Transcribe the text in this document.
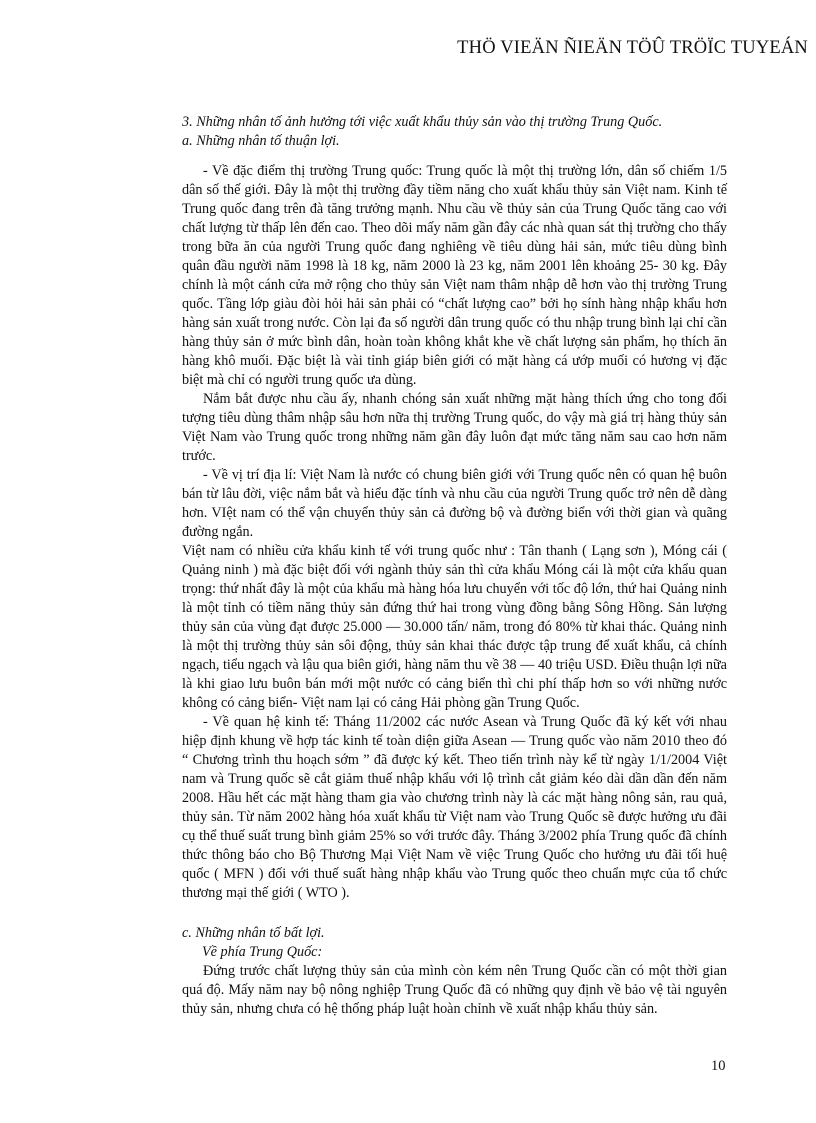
THÖ VIEÄN ÑIEÄN TÖÛ TRÖÏC TUYEÁN

3. Những nhân tố ảnh hưởng tới việc xuất khẩu thủy sản vào thị trường Trung Quốc.

a. Những nhân tố thuận lợi.

- Về đặc điểm thị trường Trung quốc: Trung quốc là một thị trường lớn, dân số chiếm 1/5 dân số thế giới. Đây là một thị trường đầy tiềm năng cho xuất khẩu thủy sản Việt nam. Kinh tế Trung quốc đang trên đà tăng trưởng mạnh. Nhu cầu về thủy sản của Trung Quốc tăng cao với chất lượng từ thấp lên đến cao. Theo dõi mấy năm gần đây các nhà quan sát thị trường cho thấy trong bữa ăn của người Trung quốc đang nghiêng về tiêu dùng hải sản, mức tiêu dùng bình quân đầu người năm 1998 là 18 kg, năm 2000 là 23 kg, năm 2001 lên khoảng 25- 30 kg. Đây chính là một cánh cửa mở rộng cho thủy sản Việt nam thâm nhập dễ hơn vào thị trường Trung quốc. Tầng lớp giàu đòi hỏi hải sản phải có “chất lượng cao” bởi họ sính hàng nhập khẩu hơn hàng sản xuất trong nước. Còn lại đa số người dân trung quốc có thu nhập trung bình lại chỉ cần hàng thủy sản ở mức bình dân, hoàn toàn không khắt khe về chất lượng sản phẩm, họ thích ăn hàng khô muối. Đặc biệt là vài tỉnh giáp biên giới có mặt hàng cá ướp muối có hương vị đặc biệt mà chỉ có người trung quốc ưa dùng.

Nắm bắt được nhu cầu ấy, nhanh chóng sản xuất những mặt hàng thích ứng cho tong đối tượng tiêu dùng thâm nhập sâu hơn nữa thị trường Trung quốc, do vậy mà giá trị hàng thủy sản Việt Nam vào Trung quốc trong những năm gần đây luôn đạt mức tăng năm sau cao hơn năm trước.

- Về vị trí địa lí: Việt Nam là nước có chung biên giới với Trung quốc nên có quan hệ buôn bán từ lâu đời, việc nắm bắt và hiểu đặc tính và nhu cầu của người Trung quốc trở nên dễ dàng hơn. VIệt nam có thể vận chuyển thủy sản cả đường bộ và đường biển với thời gian và quãng đường ngắn.

Việt nam có nhiều cửa khẩu kinh tế với trung quốc như : Tân thanh ( Lạng sơn ), Móng cái ( Quảng ninh ) mà đặc biệt đối với ngành thủy sản thì cửa khẩu Móng cái là một cửa khẩu quan trọng: thứ nhất đây là một của khẩu mà hàng hóa lưu chuyển với tốc độ lớn, thứ hai Quảng ninh là một tỉnh có tiềm năng thủy sản đứng thứ hai trong vùng đồng bằng Sông Hồng. Sản lượng thủy sản của vùng đạt được 25.000 — 30.000 tấn/ năm, trong đó 80% từ khai thác. Quảng ninh là một thị trường thủy sản sôi động, thủy sản khai thác được tập trung để xuất khẩu, cả chính ngạch, tiểu ngạch và lậu qua biên giới, hàng năm thu về 38 — 40 triệu USD. Điều thuận lợi nữa là khi giao lưu buôn bán mới một nước có cảng biển thì chi phí thấp hơn so với những nước không có cảng biển- Việt nam lại có cảng Hải phòng gần Trung Quốc.

- Về quan hệ kinh tế: Tháng 11/2002 các nước Asean và Trung Quốc đã ký kết với nhau hiệp định khung về hợp tác kinh tế toàn diện giữa Asean — Trung quốc vào năm 2010 theo đó “ Chương trình thu hoạch sớm ” đã được ký kết. Theo tiến trình này kể từ ngày 1/1/2004 Việt nam và Trung quốc sẽ cắt giảm thuế nhập khẩu với lộ trình cắt giảm kéo dài dần dần đến năm 2008. Hầu hết các mặt hàng tham gia vào chương trình này là các mặt hàng nông sản, rau quả, thủy sản. Từ năm 2002 hàng hóa xuất khẩu từ Việt nam vào Trung Quốc sẽ được hưởng ưu đãi cụ thể thuế suất trung bình giảm 25% so với trước đây. Tháng 3/2002 phía Trung quốc đã chính thức thông báo cho Bộ Thương Mại Việt Nam về việc Trung Quốc cho hưởng ưu đãi tối huệ quốc ( MFN ) đối với thuế suất hàng nhập khẩu vào Trung quốc theo chuẩn mực của tổ chức thương mại thế giới ( WTO ).

c. Những nhân tố bất lợi.

Về phía Trung Quốc:

Đứng trước chất lượng thủy sản của mình còn kém nên Trung Quốc cần có một thời gian quá độ. Mấy năm nay bộ nông nghiệp Trung Quốc đã có những quy định về bảo vệ tài nguyên thủy sản, nhưng chưa có hệ thống pháp luật hoàn chỉnh về xuất nhập khẩu thủy sản.

10
